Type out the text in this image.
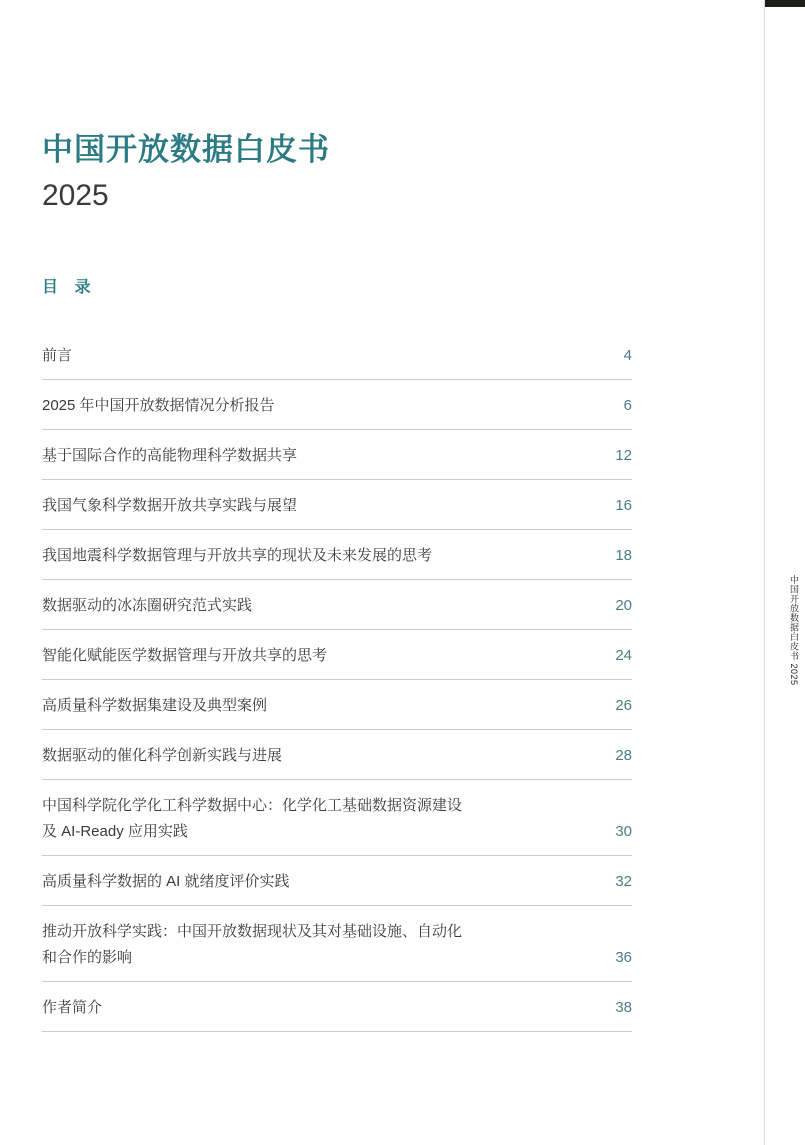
中国开放数据白皮书
2025
目 录
前言	4
2025 年中国开放数据情况分析报告	6
基于国际合作的高能物理科学数据共享	12
我国气象科学数据开放共享实践与展望	16
我国地震科学数据管理与开放共享的现状及未来发展的思考	18
数据驱动的冰冻圈研究范式实践	20
智能化赋能医学数据管理与开放共享的思考	24
高质量科学数据集建设及典型案例	26
数据驱动的催化科学创新实践与进展	28
中国科学院化学化工科学数据中心：化学化工基础数据资源建设
及 AI-Ready 应用实践	30
高质量科学数据的 AI 就绪度评价实践	32
推动开放科学实践：中国开放数据现状及其对基础设施、自动化
和合作的影响	36
作者简介	38
中国开放数据白皮书 2025
